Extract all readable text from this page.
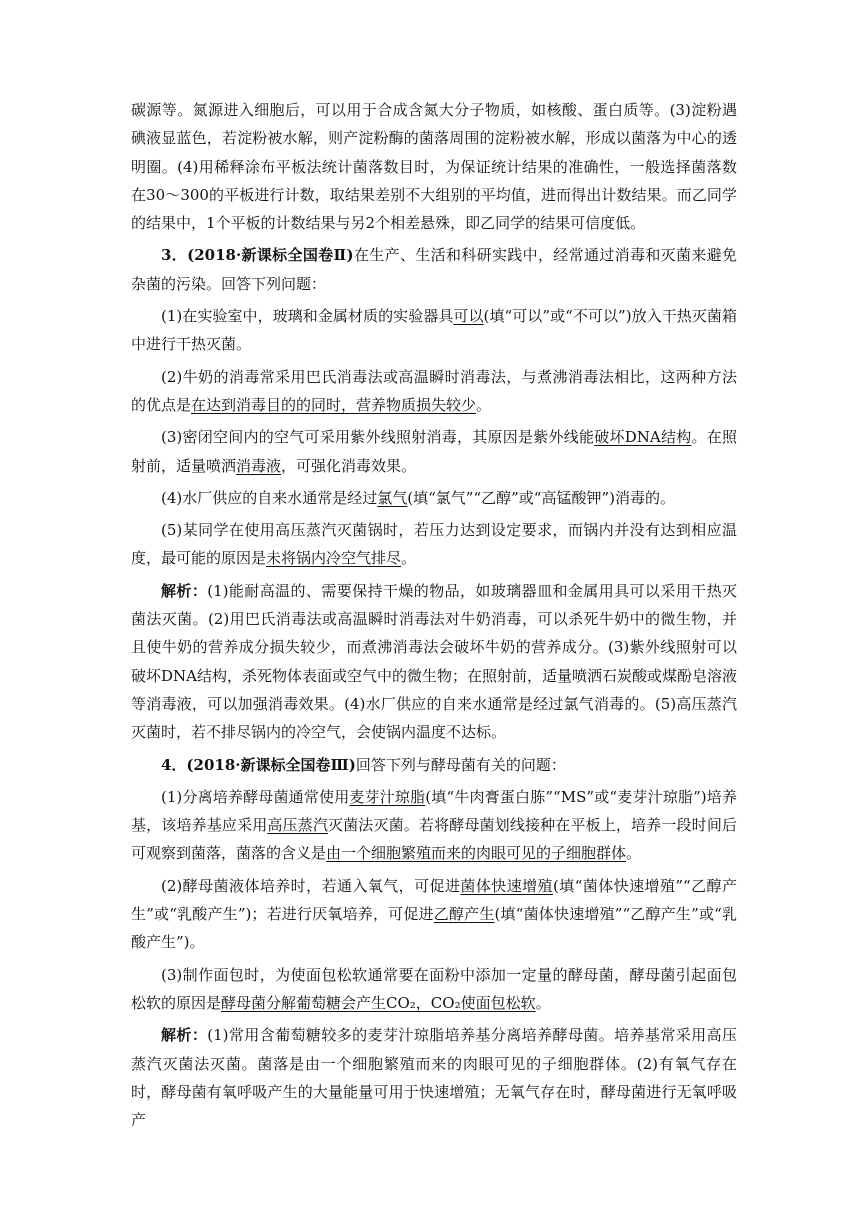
碳源等。氮源进入细胞后，可以用于合成含氮大分子物质，如核酸、蛋白质等。(3)淀粉遇碘液显蓝色，若淀粉被水解，则产淀粉酶的菌落周围的淀粉被水解，形成以菌落为中心的透明圈。(4)用稀释涂布平板法统计菌落数目时，为保证统计结果的准确性，一般选择菌落数在30～300的平板进行计数，取结果差别不大组别的平均值，进而得出计数结果。而乙同学的结果中，1个平板的计数结果与另2个相差悬殊，即乙同学的结果可信度低。

3．(2018·新课标全国卷Ⅱ)在生产、生活和科研实践中，经常通过消毒和灭菌来避免杂菌的污染。回答下列问题：

(1)在实验室中，玻璃和金属材质的实验器具可以(填“可以”或“不可以”)放入干热灭菌箱中进行干热灭菌。

(2)牛奶的消毒常采用巴氏消毒法或高温瞬时消毒法，与煮沸消毒法相比，这两种方法的优点是在达到消毒目的的同时，营养物质损失较少。

(3)密闭空间内的空气可采用紫外线照射消毒，其原因是紫外线能破坏DNA结构。在照射前，适量喷洒消毒液，可强化消毒效果。

(4)水厂供应的自来水通常是经过氯气(填“氯气”“乙醇”或“高锰酸钾”)消毒的。

(5)某同学在使用高压蒸汽灭菌锅时，若压力达到设定要求，而锅内并没有达到相应温度，最可能的原因是未将锅内冷空气排尽。

解析：(1)能耐高温的、需要保持干燥的物品，如玻璃器皿和金属用具可以采用干热灭菌法灭菌。(2)用巴氏消毒法或高温瞬时消毒法对牛奶消毒，可以杀死牛奶中的微生物，并且使牛奶的营养成分损失较少，而煮沸消毒法会破坏牛奶的营养成分。(3)紫外线照射可以破坏DNA结构，杀死物体表面或空气中的微生物；在照射前，适量喷洒石炭酸或煤酚皂溶液等消毒液，可以加强消毒效果。(4)水厂供应的自来水通常是经过氯气消毒的。(5)高压蒸汽灭菌时，若不排尽锅内的冷空气，会使锅内温度不达标。

4．(2018·新课标全国卷Ⅲ)回答下列与酵母菌有关的问题：

(1)分离培养酵母菌通常使用麦芽汁琼脂(填“牛肉膏蛋白胨”“MS”或“麦芽汁琼脂”)培养基，该培养基应采用高压蒸汽灭菌法灭菌。若将酵母菌划线接种在平板上，培养一段时间后可观察到菌落，菌落的含义是由一个细胞繁殖而来的肉眼可见的子细胞群体。

(2)酵母菌液体培养时，若通入氧气，可促进菌体快速增殖(填“菌体快速增殖”“乙醇产生”或“乳酸产生”)；若进行厌氧培养，可促进乙醇产生(填“菌体快速增殖”“乙醇产生”或“乳酸产生”)。

(3)制作面包时，为使面包松软通常要在面粉中添加一定量的酵母菌，酵母菌引起面包松软的原因是酵母菌分解葡萄糖会产生CO₂，CO₂使面包松软。

解析：(1)常用含葡萄糖较多的麦芽汁琼脂培养基分离培养酵母菌。培养基常采用高压蒸汽灭菌法灭菌。菌落是由一个细胞繁殖而来的肉眼可见的子细胞群体。(2)有氧气存在时，酵母菌有氧呼吸产生的大量能量可用于快速增殖；无氧气存在时，酵母菌进行无氧呼吸产
